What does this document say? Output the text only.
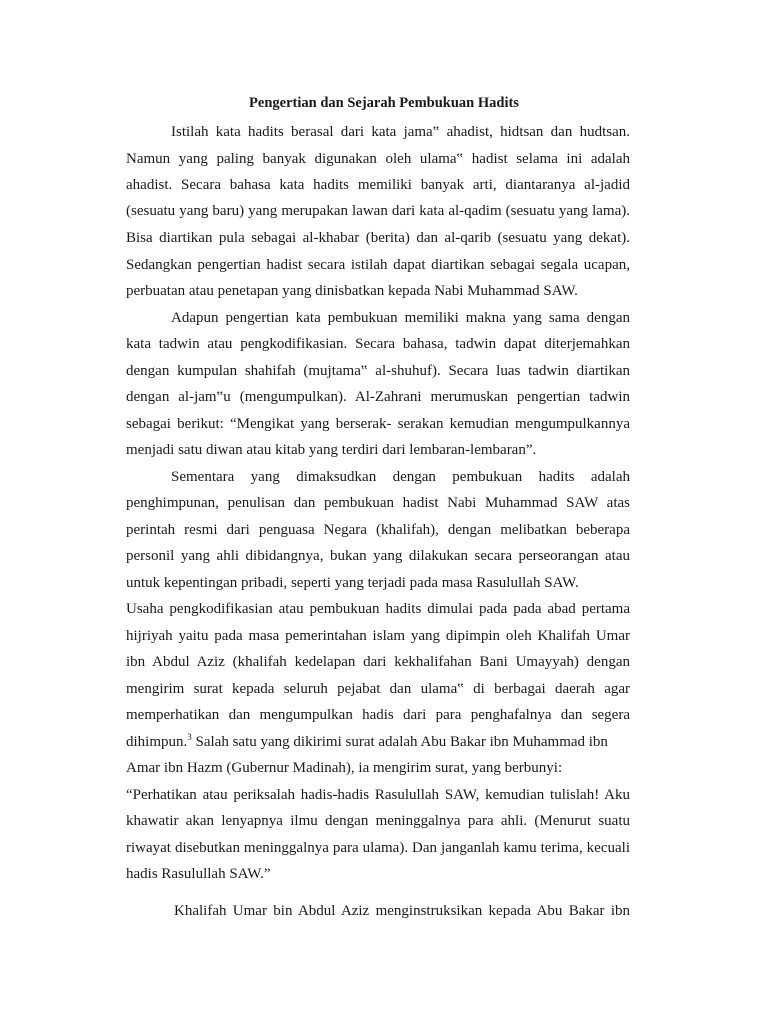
Pengertian dan Sejarah Pembukuan Hadits
Istilah kata hadits berasal dari kata jama‟ ahadist, hidtsan dan hudtsan.
Namun yang paling banyak digunakan oleh ulama‟ hadist selama ini adalah
ahadist. Secara bahasa kata hadits memiliki banyak arti, diantaranya al-jadid
(sesuatu yang baru) yang merupakan lawan dari kata al-qadim (sesuatu yang lama).
Bisa diartikan pula sebagai al-khabar (berita) dan al-qarib (sesuatu yang dekat).
Sedangkan pengertian hadist secara istilah dapat diartikan sebagai segala ucapan,
perbuatan atau penetapan yang dinisbatkan kepada Nabi Muhammad SAW.
Adapun pengertian kata pembukuan memiliki makna yang sama dengan
kata tadwin atau pengkodifikasian. Secara bahasa, tadwin dapat diterjemahkan
dengan kumpulan shahifah (mujtama‟ al-shuhuf). Secara luas tadwin diartikan
dengan al-jam‟u (mengumpulkan). Al-Zahrani merumuskan pengertian tadwin
sebagai berikut: “Mengikat yang berserak- serakan kemudian mengumpulkannya
menjadi satu diwan atau kitab yang terdiri dari lembaran-lembaran”.
Sementara yang dimaksudkan dengan pembukuan hadits adalah
penghimpunan, penulisan dan pembukuan hadist Nabi Muhammad SAW atas
perintah resmi dari penguasa Negara (khalifah), dengan melibatkan beberapa
personil yang ahli dibidangnya, bukan yang dilakukan secara perseorangan atau
untuk kepentingan pribadi, seperti yang terjadi pada masa Rasulullah SAW.
Usaha pengkodifikasian atau pembukuan hadits dimulai pada pada abad pertama
hijriyah yaitu pada masa pemerintahan islam yang dipimpin oleh Khalifah Umar
ibn Abdul Aziz (khalifah kedelapan dari kekhalifahan Bani Umayyah) dengan
mengirim surat kepada seluruh pejabat dan ulama‟ di berbagai daerah agar
memperhatikan dan mengumpulkan hadis dari para penghafalnya dan segera
dihimpun.$^3$ Salah satu yang dikirimi surat adalah Abu Bakar ibn Muhammad ibn
Amar ibn Hazm (Gubernur Madinah), ia mengirim surat, yang berbunyi:
“Perhatikan atau periksalah hadis-hadis Rasulullah SAW, kemudian tulislah! Aku
khawatir akan lenyapnya ilmu dengan meninggalnya para ahli. (Menurut suatu
riwayat disebutkan meninggalnya para ulama). Dan janganlah kamu terima, kecuali
hadis Rasulullah SAW.”
Khalifah Umar bin Abdul Aziz menginstruksikan kepada Abu Bakar ibn
